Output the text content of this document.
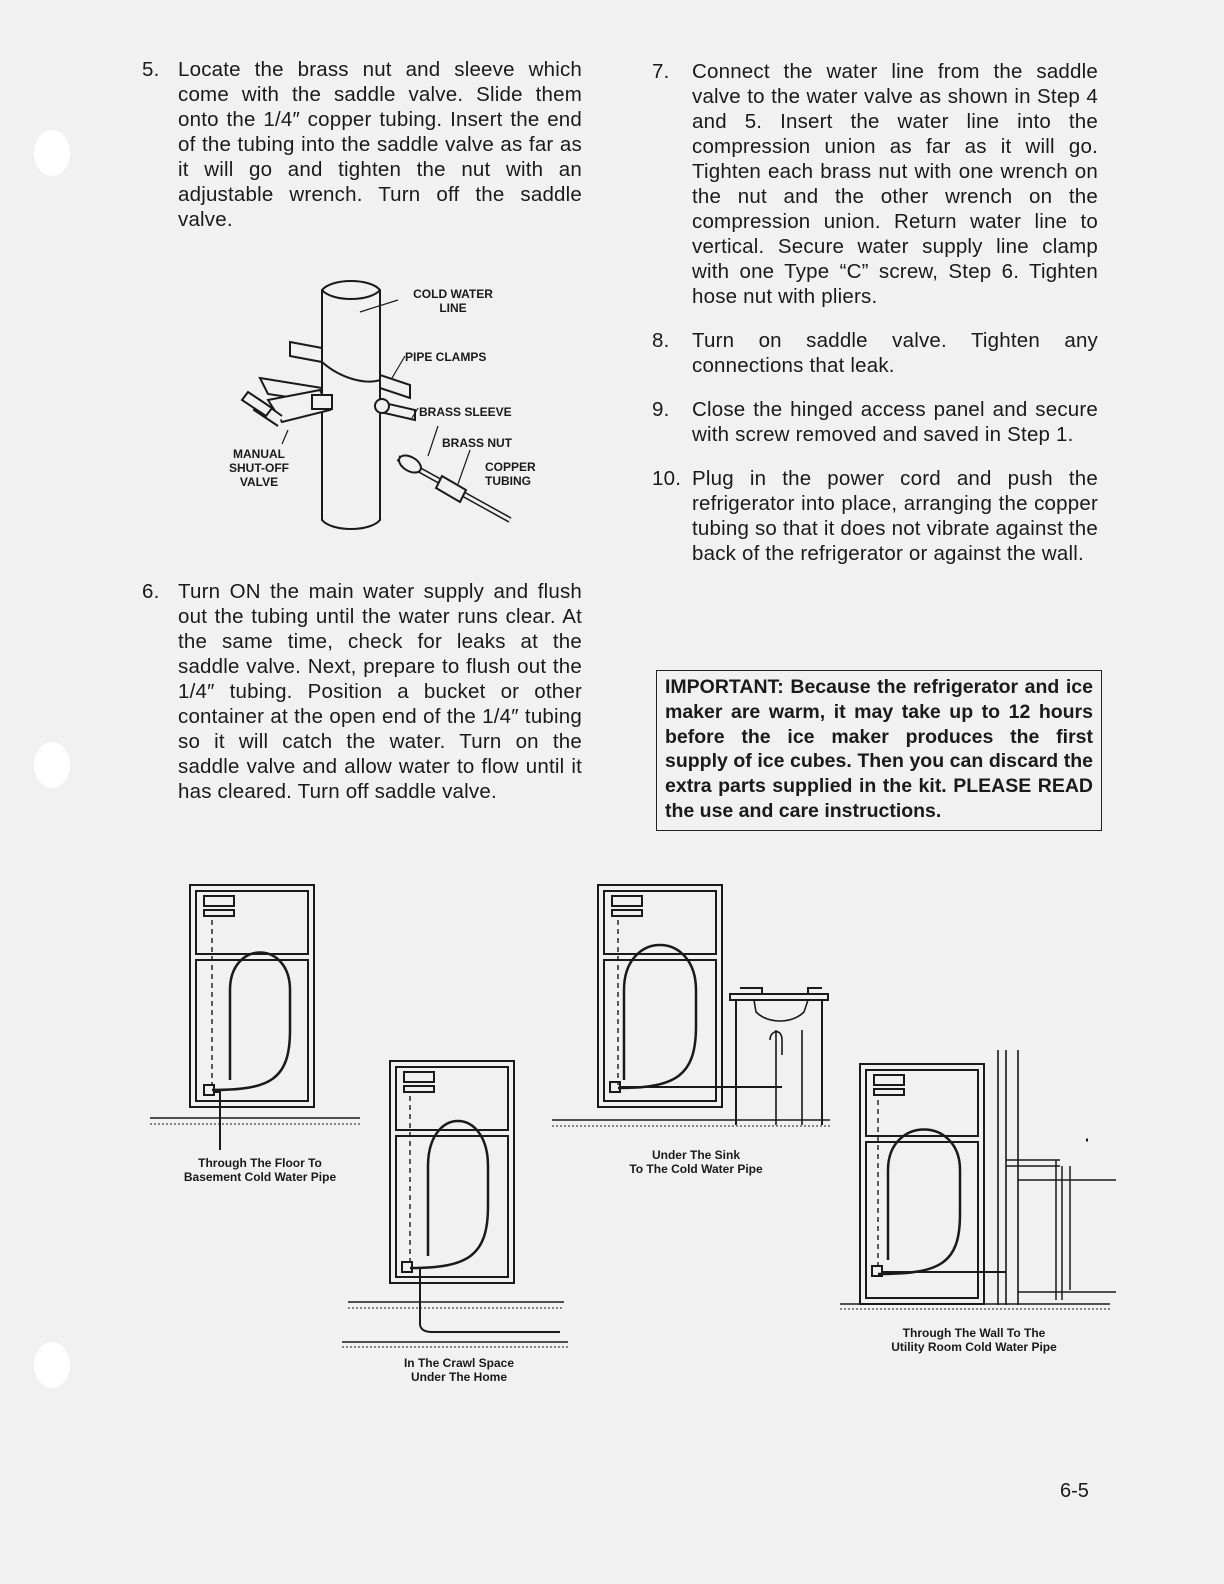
5. Locate the brass nut and sleeve which come with the saddle valve. Slide them onto the 1/4″ copper tubing. Insert the end of the tubing into the saddle valve as far as it will go and tighten the nut with an adjustable wrench. Turn off the saddle valve.
6. Turn ON the main water supply and flush out the tubing until the water runs clear. At the same time, check for leaks at the saddle valve. Next, prepare to flush out the 1/4″ tubing. Position a bucket or other container at the open end of the 1/4″ tubing so it will catch the water. Turn on the saddle valve and allow water to flow until it has cleared. Turn off saddle valve.
COLD WATER
LINE
PIPE CLAMPS
BRASS SLEEVE
BRASS NUT
COPPER
TUBING
MANUAL
SHUT-OFF
VALVE
7. Connect the water line from the saddle valve to the water valve as shown in Step 4 and 5. Insert the water line into the compression union as far as it will go. Tighten each brass nut with one wrench on the nut and the other wrench on the compression union. Return water line to vertical. Secure water supply line clamp with one Type “C” screw, Step 6. Tighten hose nut with pliers.
8. Turn on saddle valve. Tighten any connections that leak.
9. Close the hinged access panel and secure with screw removed and saved in Step 1.
10. Plug in the power cord and push the refrigerator into place, arranging the copper tubing so that it does not vibrate against the back of the refrigerator or against the wall.
IMPORTANT: Because the refrigerator and ice maker are warm, it may take up to 12 hours before the ice maker produces the first supply of ice cubes. Then you can discard the extra parts supplied in the kit. PLEASE READ the use and care instructions.
Through The Floor To
Basement Cold Water Pipe
In The Crawl Space
Under The Home
Under The Sink
To The Cold Water Pipe
Through The Wall To The
Utility Room Cold Water Pipe
6-5
